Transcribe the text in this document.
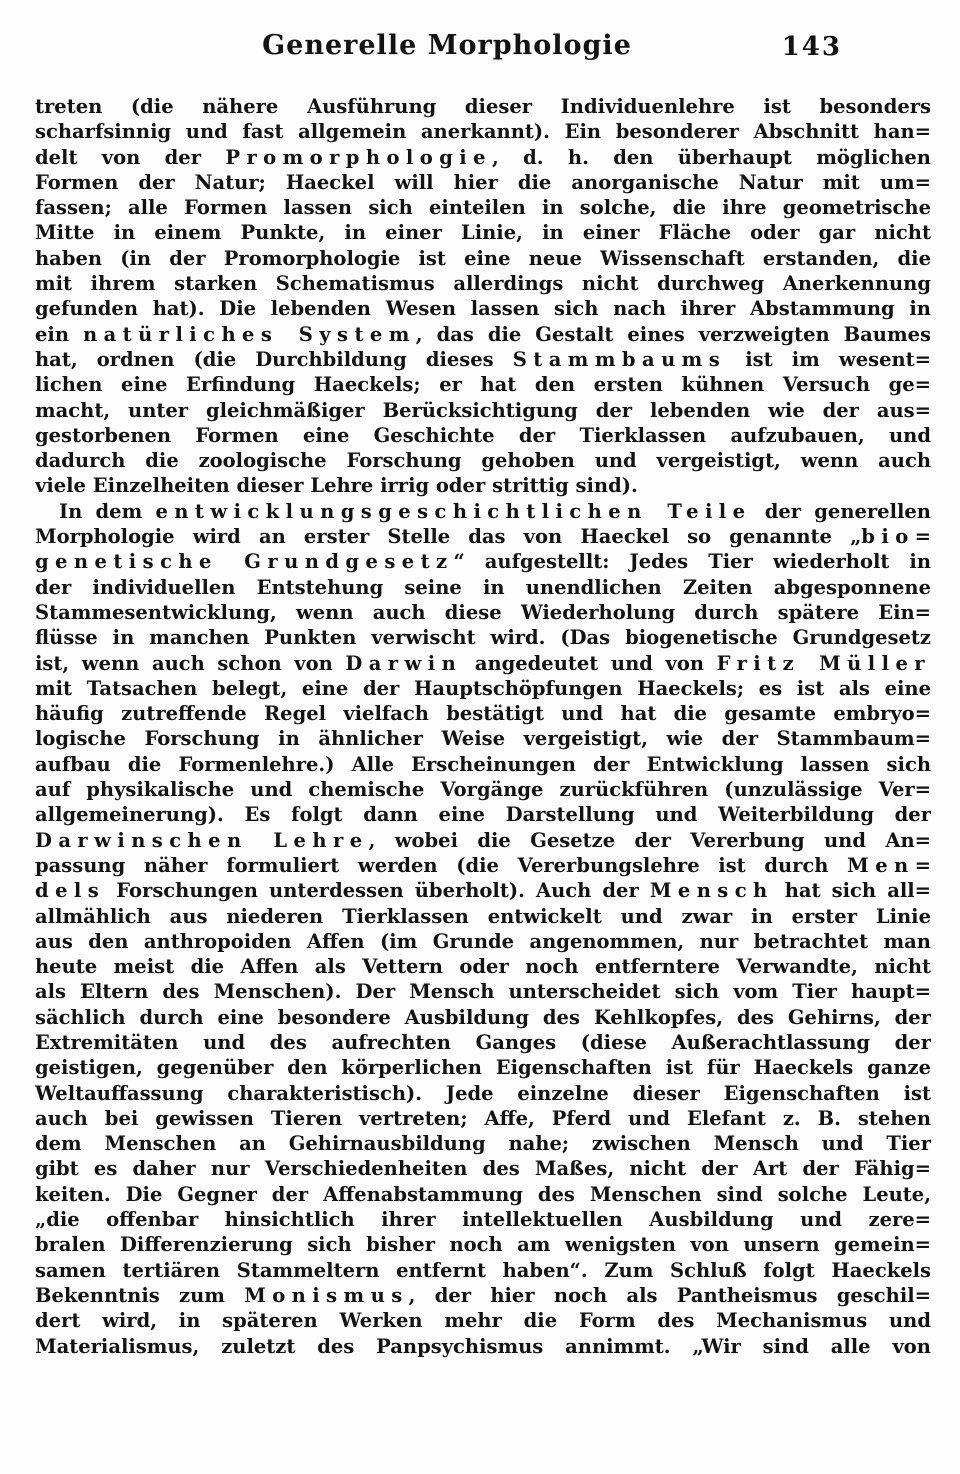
Generelle Morphologie	143
treten (die nähere Ausführung dieser Individuenlehre ist besonders
scharfsinnig und fast allgemein anerkannt). Ein besonderer Abschnitt han=
delt von der Promorphologie, d. h. den überhaupt möglichen
Formen der Natur; Haeckel will hier die anorganische Natur mit um=
fassen; alle Formen lassen sich einteilen in solche, die ihre geometrische
Mitte in einem Punkte, in einer Linie, in einer Fläche oder gar nicht
haben (in der Promorphologie ist eine neue Wissenschaft erstanden, die
mit ihrem starken Schematismus allerdings nicht durchweg Anerkennung
gefunden hat). Die lebenden Wesen lassen sich nach ihrer Abstammung in
ein natürliches System, das die Gestalt eines verzweigten Baumes
hat, ordnen (die Durchbildung dieses Stammbaums ist im wesent=
lichen eine Erfindung Haeckels; er hat den ersten kühnen Versuch ge=
macht, unter gleichmäßiger Berücksichtigung der lebenden wie der aus=
gestorbenen Formen eine Geschichte der Tierklassen aufzubauen, und
dadurch die zoologische Forschung gehoben und vergeistigt, wenn auch
viele Einzelheiten dieser Lehre irrig oder strittig sind).
In dem entwicklungsgeschichtlichen Teile der generellen
Morphologie wird an erster Stelle das von Haeckel so genannte „bio=
genetische Grundgesetz“ aufgestellt: Jedes Tier wiederholt in
der individuellen Entstehung seine in unendlichen Zeiten abgesponnene
Stammesentwicklung, wenn auch diese Wiederholung durch spätere Ein=
flüsse in manchen Punkten verwischt wird. (Das biogenetische Grundgesetz
ist, wenn auch schon von Darwin angedeutet und von Fritz Müller
mit Tatsachen belegt, eine der Hauptschöpfungen Haeckels; es ist als eine
häufig zutreffende Regel vielfach bestätigt und hat die gesamte embryo=
logische Forschung in ähnlicher Weise vergeistigt, wie der Stammbaum=
aufbau die Formenlehre.) Alle Erscheinungen der Entwicklung lassen sich
auf physikalische und chemische Vorgänge zurückführen (unzulässige Ver=
allgemeinerung). Es folgt dann eine Darstellung und Weiterbildung der
Darwinschen Lehre, wobei die Gesetze der Vererbung und An=
passung näher formuliert werden (die Vererbungslehre ist durch Men=
dels Forschungen unterdessen überholt). Auch der Mensch hat sich all=
allmählich aus niederen Tierklassen entwickelt und zwar in erster Linie
aus den anthropoiden Affen (im Grunde angenommen, nur betrachtet man
heute meist die Affen als Vettern oder noch entferntere Verwandte, nicht
als Eltern des Menschen). Der Mensch unterscheidet sich vom Tier haupt=
sächlich durch eine besondere Ausbildung des Kehlkopfes, des Gehirns, der
Extremitäten und des aufrechten Ganges (diese Außerachtlassung der
geistigen, gegenüber den körperlichen Eigenschaften ist für Haeckels ganze
Weltauffassung charakteristisch). Jede einzelne dieser Eigenschaften ist
auch bei gewissen Tieren vertreten; Affe, Pferd und Elefant z. B. stehen
dem Menschen an Gehirnausbildung nahe; zwischen Mensch und Tier
gibt es daher nur Verschiedenheiten des Maßes, nicht der Art der Fähig=
keiten. Die Gegner der Affenabstammung des Menschen sind solche Leute,
„die offenbar hinsichtlich ihrer intellektuellen Ausbildung und zere=
bralen Differenzierung sich bisher noch am wenigsten von unsern gemein=
samen tertiären Stammeltern entfernt haben“. Zum Schluß folgt Haeckels
Bekenntnis zum Monismus, der hier noch als Pantheismus geschil=
dert wird, in späteren Werken mehr die Form des Mechanismus und
Materialismus, zuletzt des Panpsychismus annimmt. „Wir sind alle von
